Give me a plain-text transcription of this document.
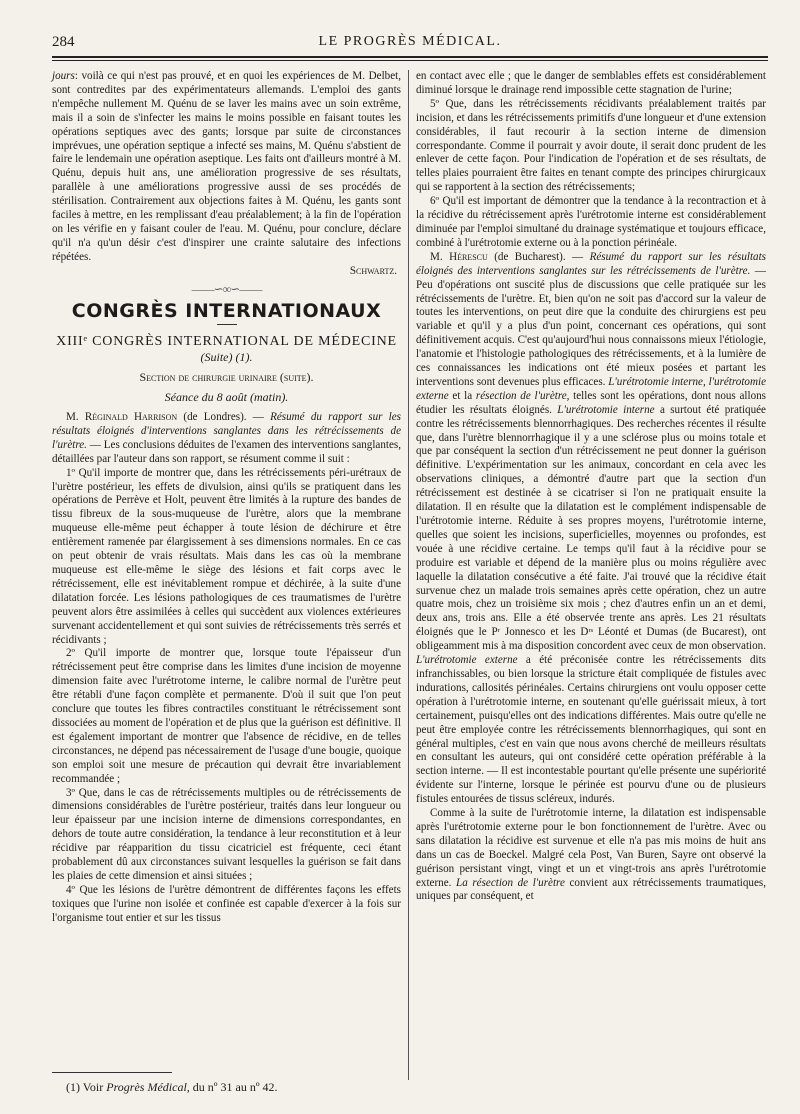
284	LE PROGRÈS MÉDICAL.

jours: voilà ce qui n'est pas prouvé, et en quoi les expériences de M. Delbet, sont contredites par des expérimentateurs allemands. L'emploi des gants n'empêche nullement M. Quénu de se laver les mains avec un soin extrême, mais il a soin de s'infecter les mains le moins possible en faisant toutes les opérations septiques avec des gants; lorsque par suite de circonstances imprévues, une opération septique a infecté ses mains, M. Quénu s'abstient de faire le lendemain une opération aseptique. Les faits ont d'ailleurs montré à M. Quénu, depuis huit ans, une amélioration progressive de ses résultats, parallèle à une améliorations progressive aussi de ses procédés de stérilisation. Contrairement aux objections faites à M. Quénu, les gants sont faciles à mettre, en les remplissant d'eau préalablement; à la fin de l'opération on les vérifie en y faisant couler de l'eau. M. Quénu, pour conclure, déclare qu'il n'a qu'un désir c'est d'inspirer une crainte salutaire des infections répétées.

Schwartz.

——∽∞∽——
CONGRÈS INTERNATIONAUX
XIIIᵉ CONGRÈS INTERNATIONAL DE MÉDECINE
(Suite) (1).
Section de chirurgie urinaire (suite).
Séance du 8 août (matin).

M. Réginald Harrison (de Londres). — Résumé du rapport sur les résultats éloignés d'interventions sanglantes dans les rétrécissements de l'urètre. — Les conclusions déduites de l'examen des interventions sanglantes, détaillées par l'auteur dans son rapport, se résument comme il suit :

1º Qu'il importe de montrer que, dans les rétrécissements péri-urétraux de l'urètre postérieur, les effets de divulsion, ainsi qu'ils se pratiquent dans les opérations de Perrève et Holt, peuvent être limités à la rupture des bandes de tissu fibreux de la sous-muqueuse de l'urètre, alors que la membrane muqueuse elle-même peut échapper à toute lésion de déchirure et être entièrement ramenée par élargissement à ses dimensions normales. En ce cas on peut obtenir de vrais résultats. Mais dans les cas où la membrane muqueuse est elle-même le siège des lésions et fait corps avec le rétrécissement, elle est inévitablement rompue et déchirée, à la suite d'une dilatation forcée. Les lésions pathologiques de ces traumatismes de l'urètre peuvent alors être assimilées à celles qui succèdent aux violences extérieures survenant accidentellement et qui sont suivies de rétrécissements très serrés et récidivants ;

2º Qu'il importe de montrer que, lorsque toute l'épaisseur d'un rétrécissement peut être comprise dans les limites d'une incision de moyenne dimension faite avec l'urétrotome interne, le calibre normal de l'urètre peut être rétabli d'une façon complète et permanente. D'où il suit que l'on peut conclure que toutes les fibres contractiles constituant le rétrécissement sont dissociées au moment de l'opération et de plus que la guérison est définitive. Il est également important de montrer que l'absence de récidive, en de telles circonstances, ne dépend pas nécessairement de l'usage d'une bougie, quoique son emploi soit une mesure de précaution qui devrait être invariablement recommandée ;

3º Que, dans le cas de rétrécissements multiples ou de rétrécissements de dimensions considérables de l'urètre postérieur, traités dans leur longueur ou leur épaisseur par une incision interne de dimensions correspondantes, en dehors de toute autre considération, la tendance à leur reconstitution et à leur récidive par réapparition du tissu cicatriciel est fréquente, ceci étant probablement dû aux circonstances suivant lesquelles la guérison se fait dans les plaies de cette dimension et ainsi situées ;

4º Que les lésions de l'urètre démontrent de différentes façons les effets toxiques que l'urine non isolée et confinée est capable d'exercer à la fois sur l'organisme tout entier et sur les tissus

en contact avec elle ; que le danger de semblables effets est considérablement diminué lorsque le drainage rend impossible cette stagnation de l'urine;

5º Que, dans les rétrécissements récidivants préalablement traités par incision, et dans les rétrécissements primitifs d'une longueur et d'une extension considérables, il faut recourir à la section interne de dimension correspondante. Comme il pourrait y avoir doute, il serait donc prudent de les enlever de cette façon. Pour l'indication de l'opération et de ses résultats, de telles plaies pourraient être faites en tenant compte des principes chirurgicaux qui se rapportent à la section des rétrécissements;

6º Qu'il est important de démontrer que la tendance à la recontraction et à la récidive du rétrécissement après l'urétrotomie interne est considérablement diminuée par l'emploi simultané du drainage systématique et toujours efficace, combiné à l'urétrotomie externe ou à la ponction périnéale.

M. Hérescu (de Bucharest). — Résumé du rapport sur les résultats éloignés des interventions sanglantes sur les rétrécissements de l'urètre. — Peu d'opérations ont suscité plus de discussions que celle pratiquée sur les rétrécissements de l'urètre. Et, bien qu'on ne soit pas d'accord sur la valeur de toutes les interventions, on peut dire que la conduite des chirurgiens est peu variable et qu'il y a plus d'un point, concernant ces opérations, qui sont définitivement acquis. C'est qu'aujourd'hui nous connaissons mieux l'étiologie, l'anatomie et l'histologie pathologiques des rétrécissements, et à la lumière de ces connaissances les indications ont été mieux posées et partant les interventions sont devenues plus efficaces. L'urétrotomie interne, l'urétrotomie externe et la résection de l'urètre, telles sont les opérations, dont nous allons étudier les résultats éloignés. L'urétrotomie interne a surtout été pratiquée contre les rétrécissements blennorrhagiques. Des recherches récentes il résulte que, dans l'urètre blennorrhagique il y a une sclérose plus ou moins totale et que par conséquent la section d'un rétrécissement ne peut donner la guérison définitive. L'expérimentation sur les animaux, concordant en cela avec les observations cliniques, a démontré d'autre part que la section d'un rétrécissement est destinée à se cicatriser si l'on ne pratiquait ensuite la dilatation. Il en résulte que la dilatation est le complément indispensable de l'urétrotomie interne. Réduite à ses propres moyens, l'urétrotomie interne, quelles que soient les incisions, superficielles, moyennes ou profondes, est vouée à une récidive certaine. Le temps qu'il faut à la récidive pour se produire est variable et dépend de la manière plus ou moins régulière avec laquelle la dilatation consécutive a été faite. J'ai trouvé que la récidive était survenue chez un malade trois semaines après cette opération, chez un autre quatre mois, chez un troisième six mois ; chez d'autres enfin un an et demi, deux ans, trois ans. Elle a été observée trente ans après. Les 21 résultats éloignés que le Pʳ Jonnesco et les Dʳˢ Léonté et Dumas (de Bucarest), ont obligeamment mis à ma disposition concordent avec ceux de mon observation. L'urétrotomie externe a été préconisée contre les rétrécissements dits infranchissables, ou bien lorsque la stricture était compliquée de fistules avec indurations, callosités périnéales. Certains chirurgiens ont voulu opposer cette opération à l'urétrotomie interne, en soutenant qu'elle guérissait mieux, à tort certainement, puisqu'elles ont des indications différentes. Mais outre qu'elle ne peut être employée contre les rétrécissements blennorrhagiques, qui sont en général multiples, c'est en vain que nous avons cherché de meilleurs résultats en consultant les auteurs, qui ont considéré cette opération préférable à la section interne. — Il est incontestable pourtant qu'elle présente une supériorité évidente sur l'interne, lorsque le périnée est pourvu d'une ou de plusieurs fistules entourées de tissus scléreux, indurés.

Comme à la suite de l'urétrotomie interne, la dilatation est indispensable après l'urétrotomie externe pour le bon fonctionnement de l'urètre. Avec ou sans dilatation la récidive est survenue et elle n'a pas mis moins de huit ans dans un cas de Boeckel. Malgré cela Post, Van Buren, Sayre ont observé la guérison persistant vingt, vingt et un et vingt-trois ans après l'urétrotomie externe. La résection de l'urètre convient aux rétrécissements traumatiques, uniques par conséquent, et

(1) Voir Progrès Médical, du nº 31 au nº 42.
